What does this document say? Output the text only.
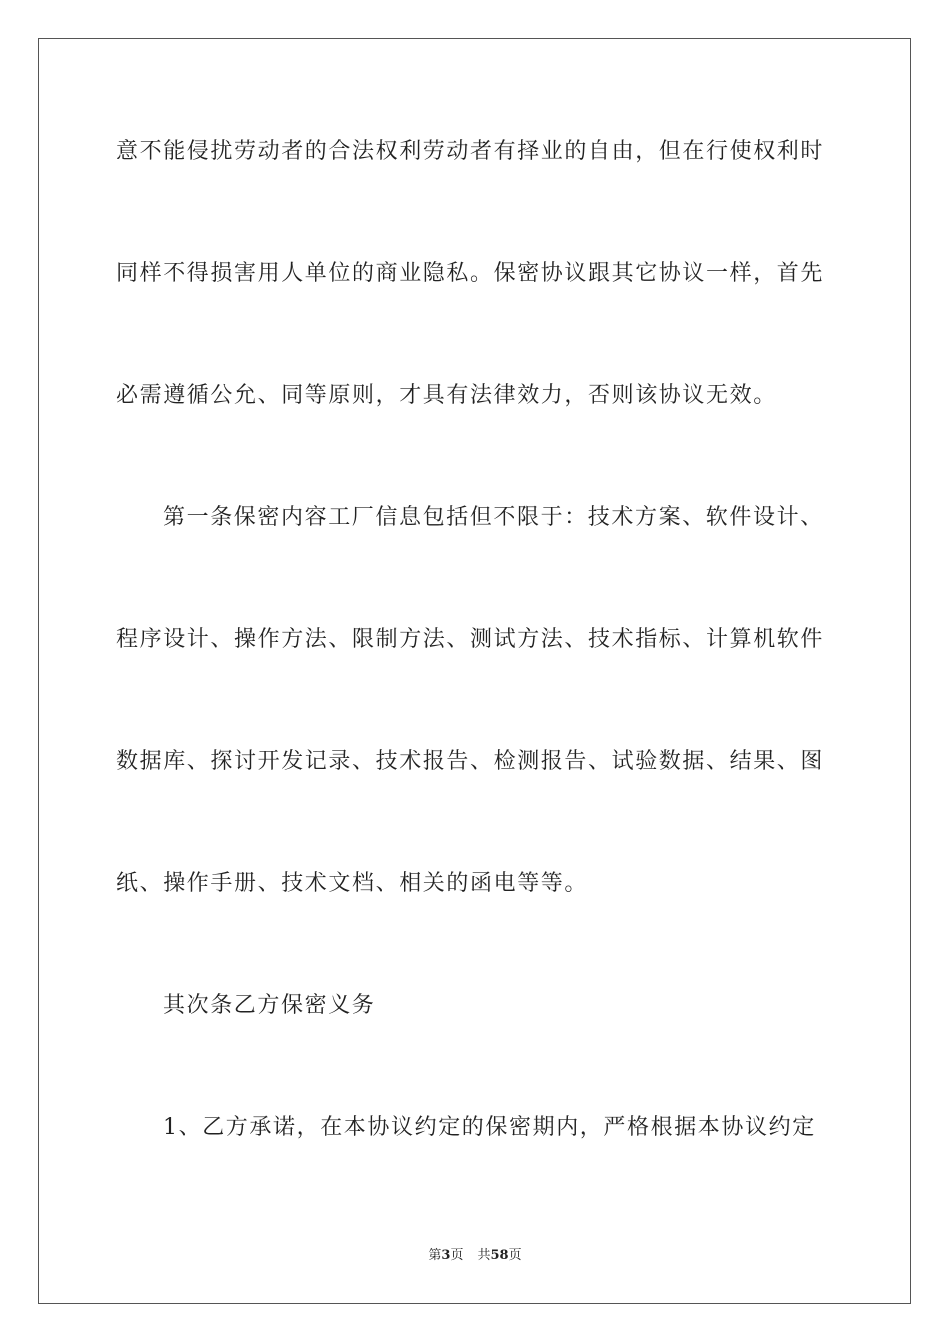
意不能侵扰劳动者的合法权利劳动者有择业的自由，但在行使权利时
同样不得损害用人单位的商业隐私。保密协议跟其它协议一样，首先
必需遵循公允、同等原则，才具有法律效力，否则该协议无效。
第一条保密内容工厂信息包括但不限于：技术方案、软件设计、
程序设计、操作方法、限制方法、测试方法、技术指标、计算机软件
数据库、探讨开发记录、技术报告、检测报告、试验数据、结果、图
纸、操作手册、技术文档、相关的函电等等。
其次条乙方保密义务
1、乙方承诺，在本协议约定的保密期内，严格根据本协议约定
第3页 共58页
